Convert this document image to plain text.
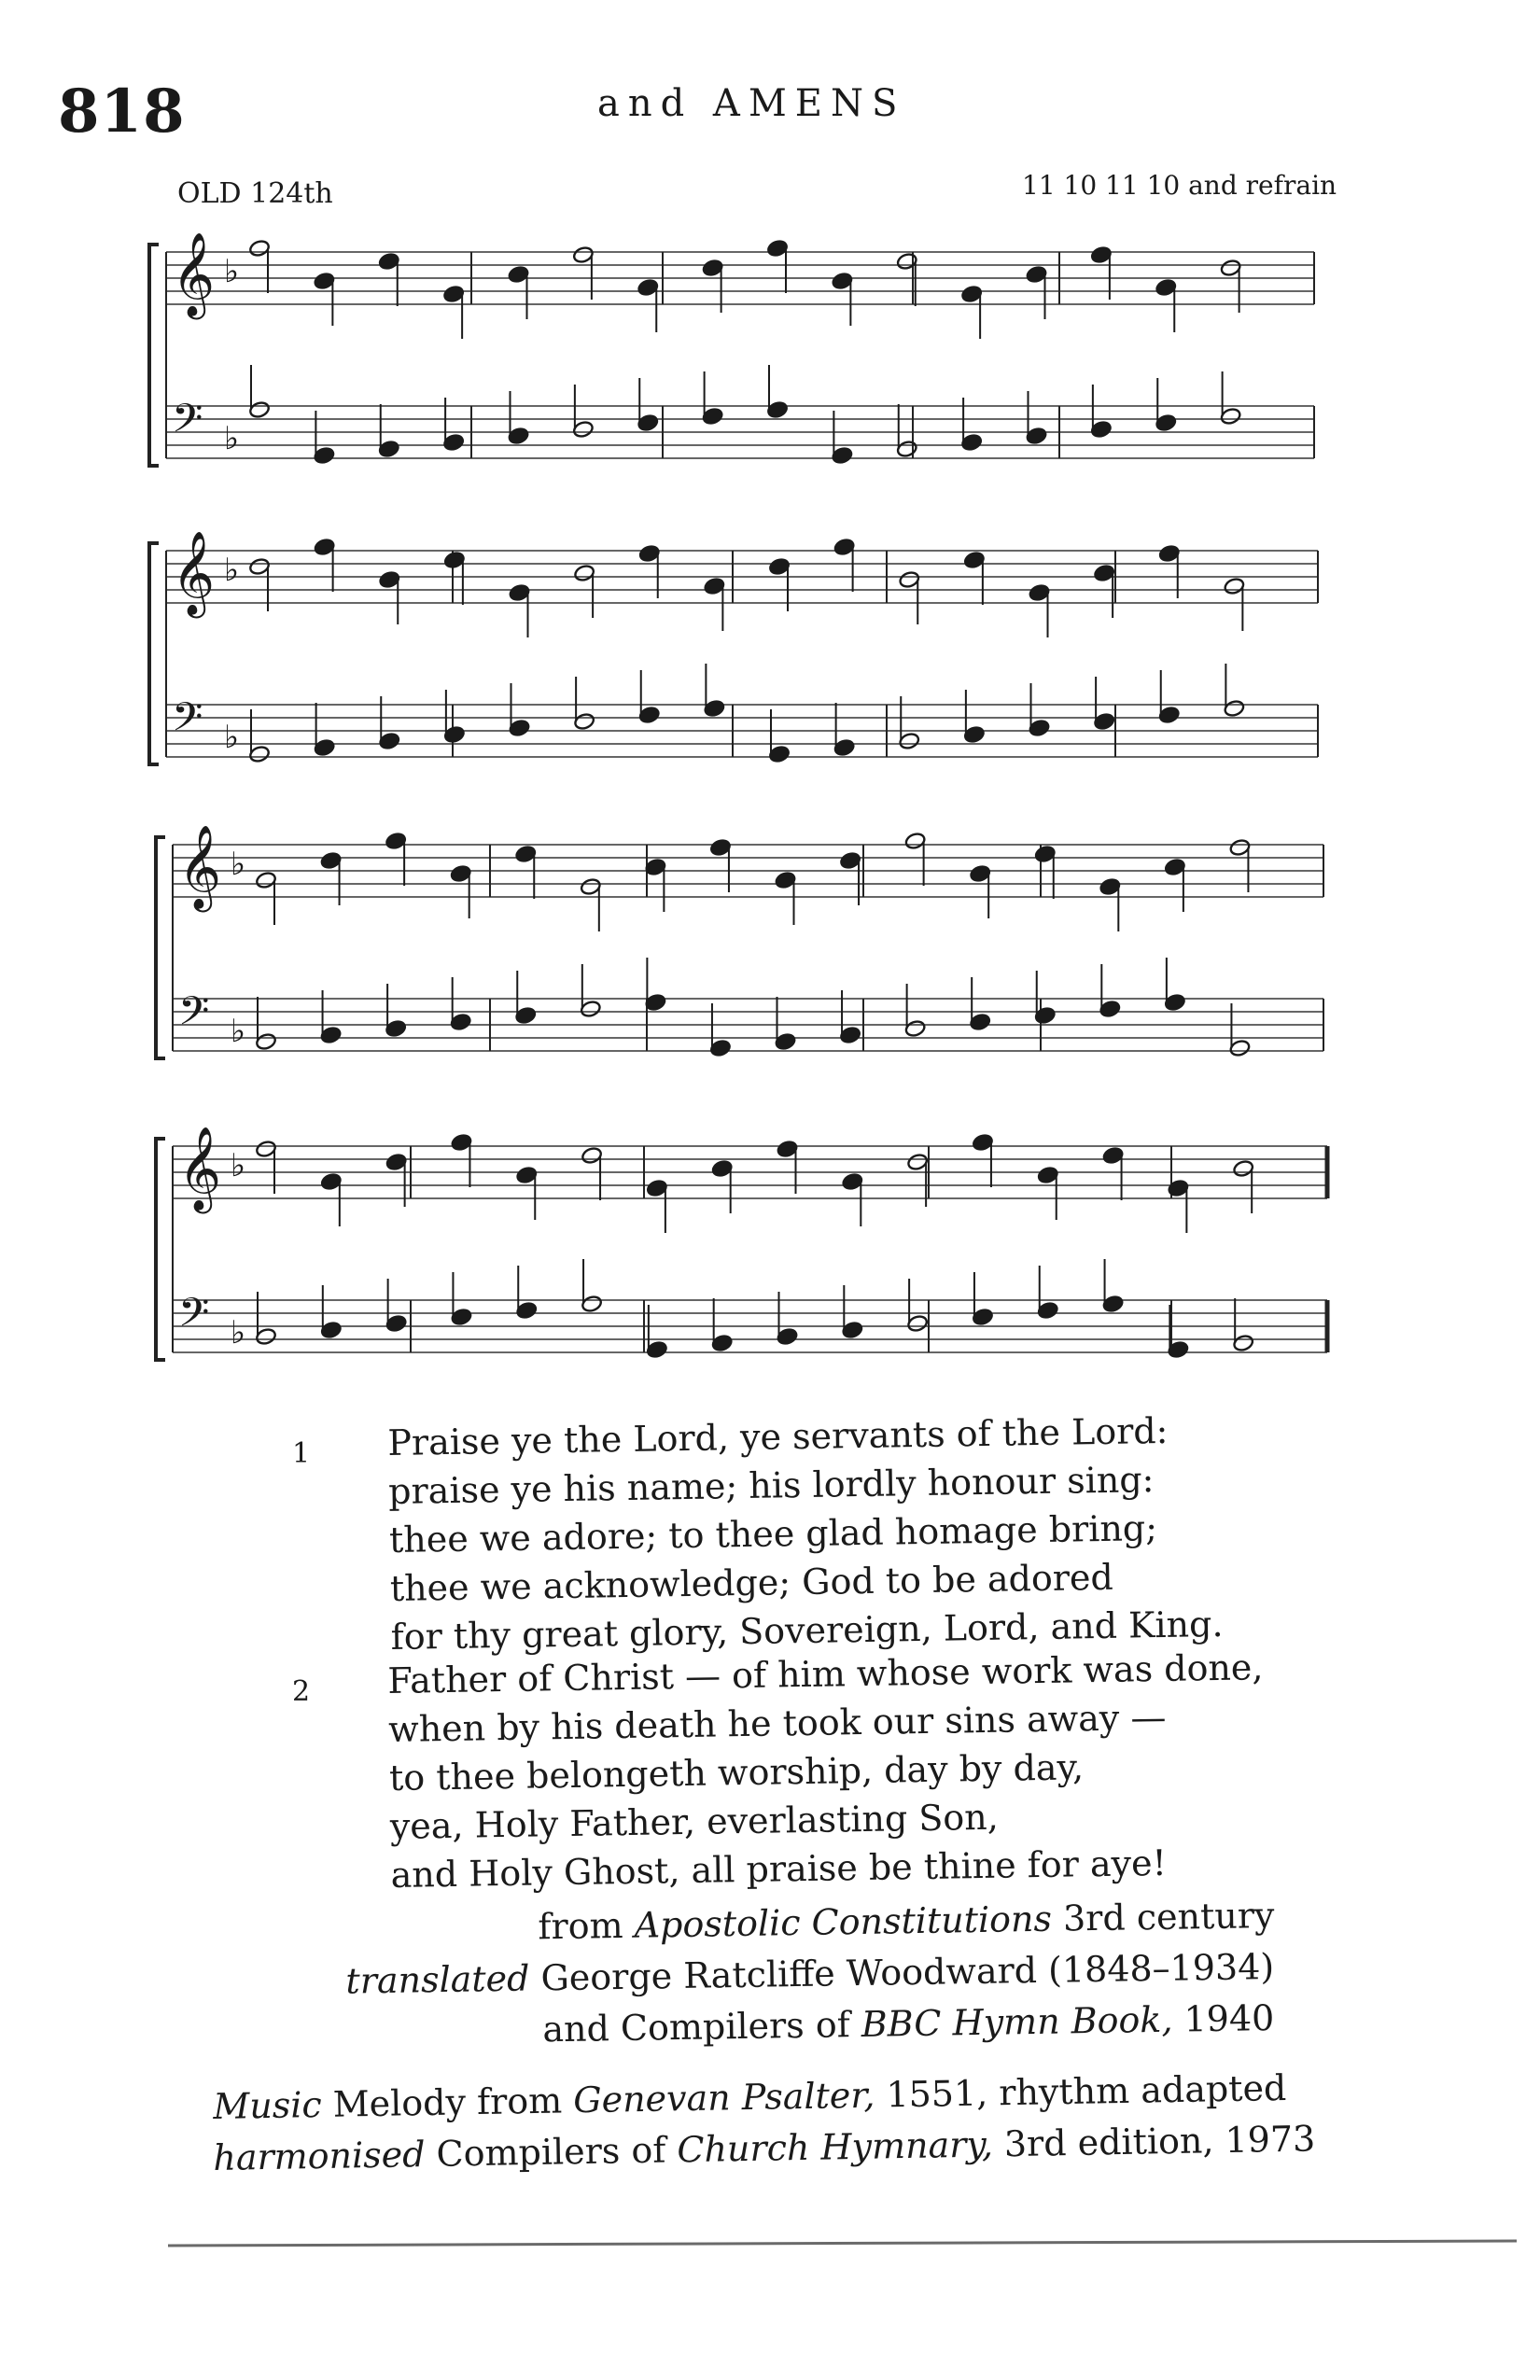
818	and AMENS
OLD 124th	11 10 11 10 and refrain
𝄞 ♭
𝄢 ♭
𝄞 ♭
𝄢 ♭
𝄞 ♭
𝄢 ♭
𝄞 ♭
𝄢 ♭
1 Praise ye the Lord, ye servants of the Lord:
praise ye his name; his lordly honour sing:
thee we adore; to thee glad homage bring;
thee we acknowledge; God to be adored
for thy great glory, Sovereign, Lord, and King.
2 Father of Christ — of him whose work was done,
when by his death he took our sins away —
to thee belongeth worship, day by day,
yea, Holy Father, everlasting Son,
and Holy Ghost, all praise be thine for aye!
from Apostolic Constitutions 3rd century
translated George Ratcliffe Woodward (1848–1934)
and Compilers of BBC Hymn Book, 1940
Music Melody from Genevan Psalter, 1551, rhythm adapted
harmonised Compilers of Church Hymnary, 3rd edition, 1973
